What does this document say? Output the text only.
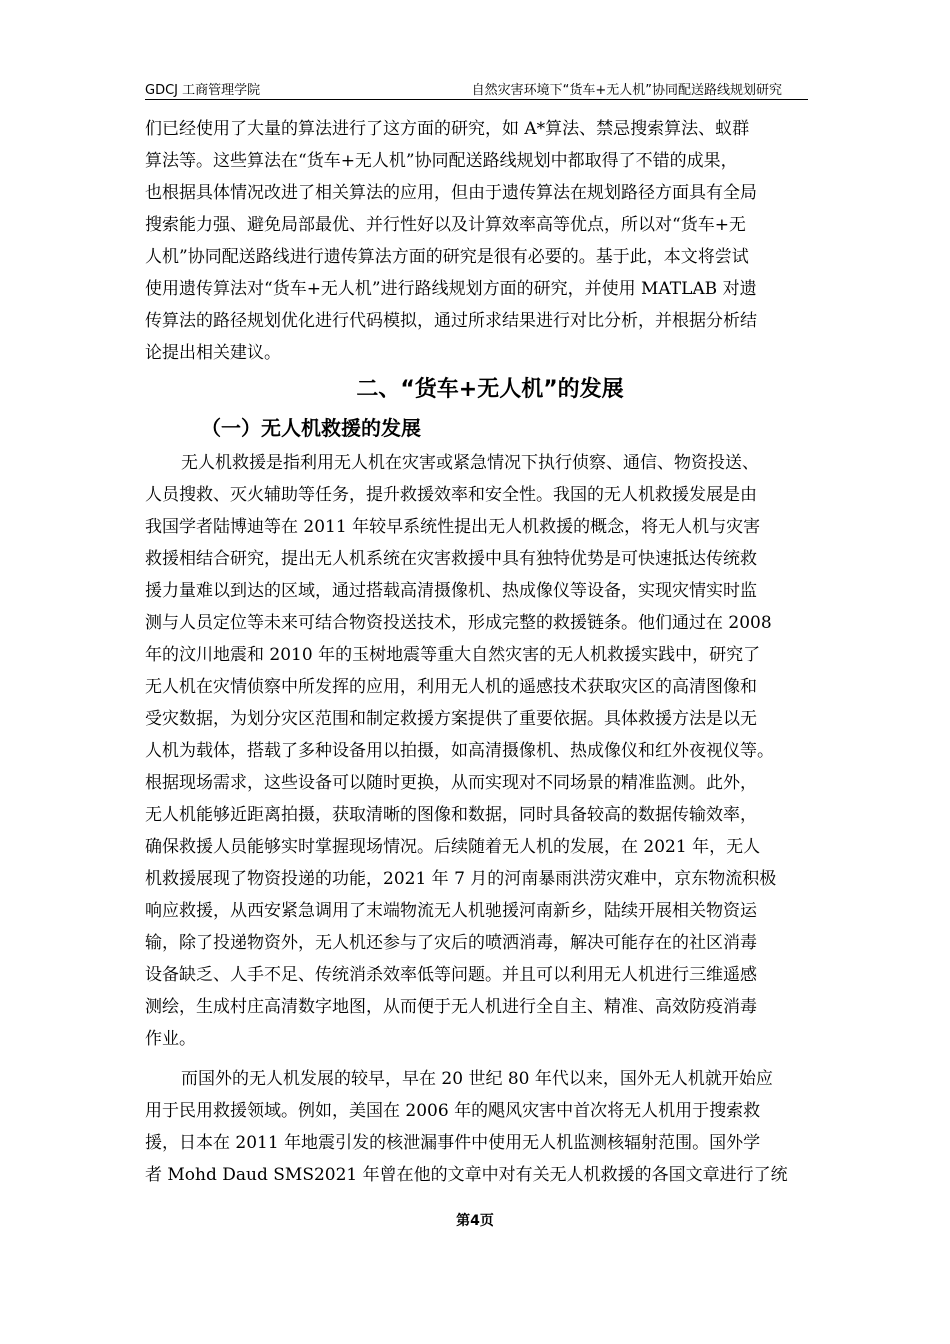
GDCJ 工商管理学院	自然灾害环境下“货车+无人机”协同配送路线规划研究
们已经使用了大量的算法进行了这方面的研究，如 A*算法、禁忌搜索算法、蚁群
算法等。这些算法在“货车+无人机”协同配送路线规划中都取得了不错的成果，
也根据具体情况改进了相关算法的应用，但由于遗传算法在规划路径方面具有全局
搜索能力强、避免局部最优、并行性好以及计算效率高等优点，所以对“货车+无
人机”协同配送路线进行遗传算法方面的研究是很有必要的。基于此，本文将尝试
使用遗传算法对“货车+无人机”进行路线规划方面的研究，并使用 MATLAB 对遗
传算法的路径规划优化进行代码模拟，通过所求结果进行对比分析，并根据分析结
论提出相关建议。
二、“货车+无人机”的发展
（一）无人机救援的发展
无人机救援是指利用无人机在灾害或紧急情况下执行侦察、通信、物资投送、
人员搜救、灭火辅助等任务，提升救援效率和安全性。我国的无人机救援发展是由
我国学者陆博迪等在 2011 年较早系统性提出无人机救援的概念，将无人机与灾害
救援相结合研究，提出无人机系统在灾害救援中具有独特优势是可快速抵达传统救
援力量难以到达的区域，通过搭载高清摄像机、热成像仪等设备，实现灾情实时监
测与人员定位等未来可结合物资投送技术，形成完整的救援链条。他们通过在 2008
年的汶川地震和 2010 年的玉树地震等重大自然灾害的无人机救援实践中，研究了
无人机在灾情侦察中所发挥的应用，利用无人机的遥感技术获取灾区的高清图像和
受灾数据，为划分灾区范围和制定救援方案提供了重要依据。具体救援方法是以无
人机为载体，搭载了多种设备用以拍摄，如高清摄像机、热成像仪和红外夜视仪等。
根据现场需求，这些设备可以随时更换，从而实现对不同场景的精准监测。此外，
无人机能够近距离拍摄，获取清晰的图像和数据，同时具备较高的数据传输效率，
确保救援人员能够实时掌握现场情况。后续随着无人机的发展，在 2021 年，无人
机救援展现了物资投递的功能，2021 年 7 月的河南暴雨洪涝灾难中，京东物流积极
响应救援，从西安紧急调用了末端物流无人机驰援河南新乡，陆续开展相关物资运
输，除了投递物资外，无人机还参与了灾后的喷洒消毒，解决可能存在的社区消毒
设备缺乏、人手不足、传统消杀效率低等问题。并且可以利用无人机进行三维遥感
测绘，生成村庄高清数字地图，从而便于无人机进行全自主、精准、高效防疫消毒
作业。
而国外的无人机发展的较早，早在 20 世纪 80 年代以来，国外无人机就开始应
用于民用救援领域。例如，美国在 2006 年的飓风灾害中首次将无人机用于搜索救
援，日本在 2011 年地震引发的核泄漏事件中使用无人机监测核辐射范围。国外学
者 Mohd Daud SMS2021 年曾在他的文章中对有关无人机救援的各国文章进行了统
第4页
